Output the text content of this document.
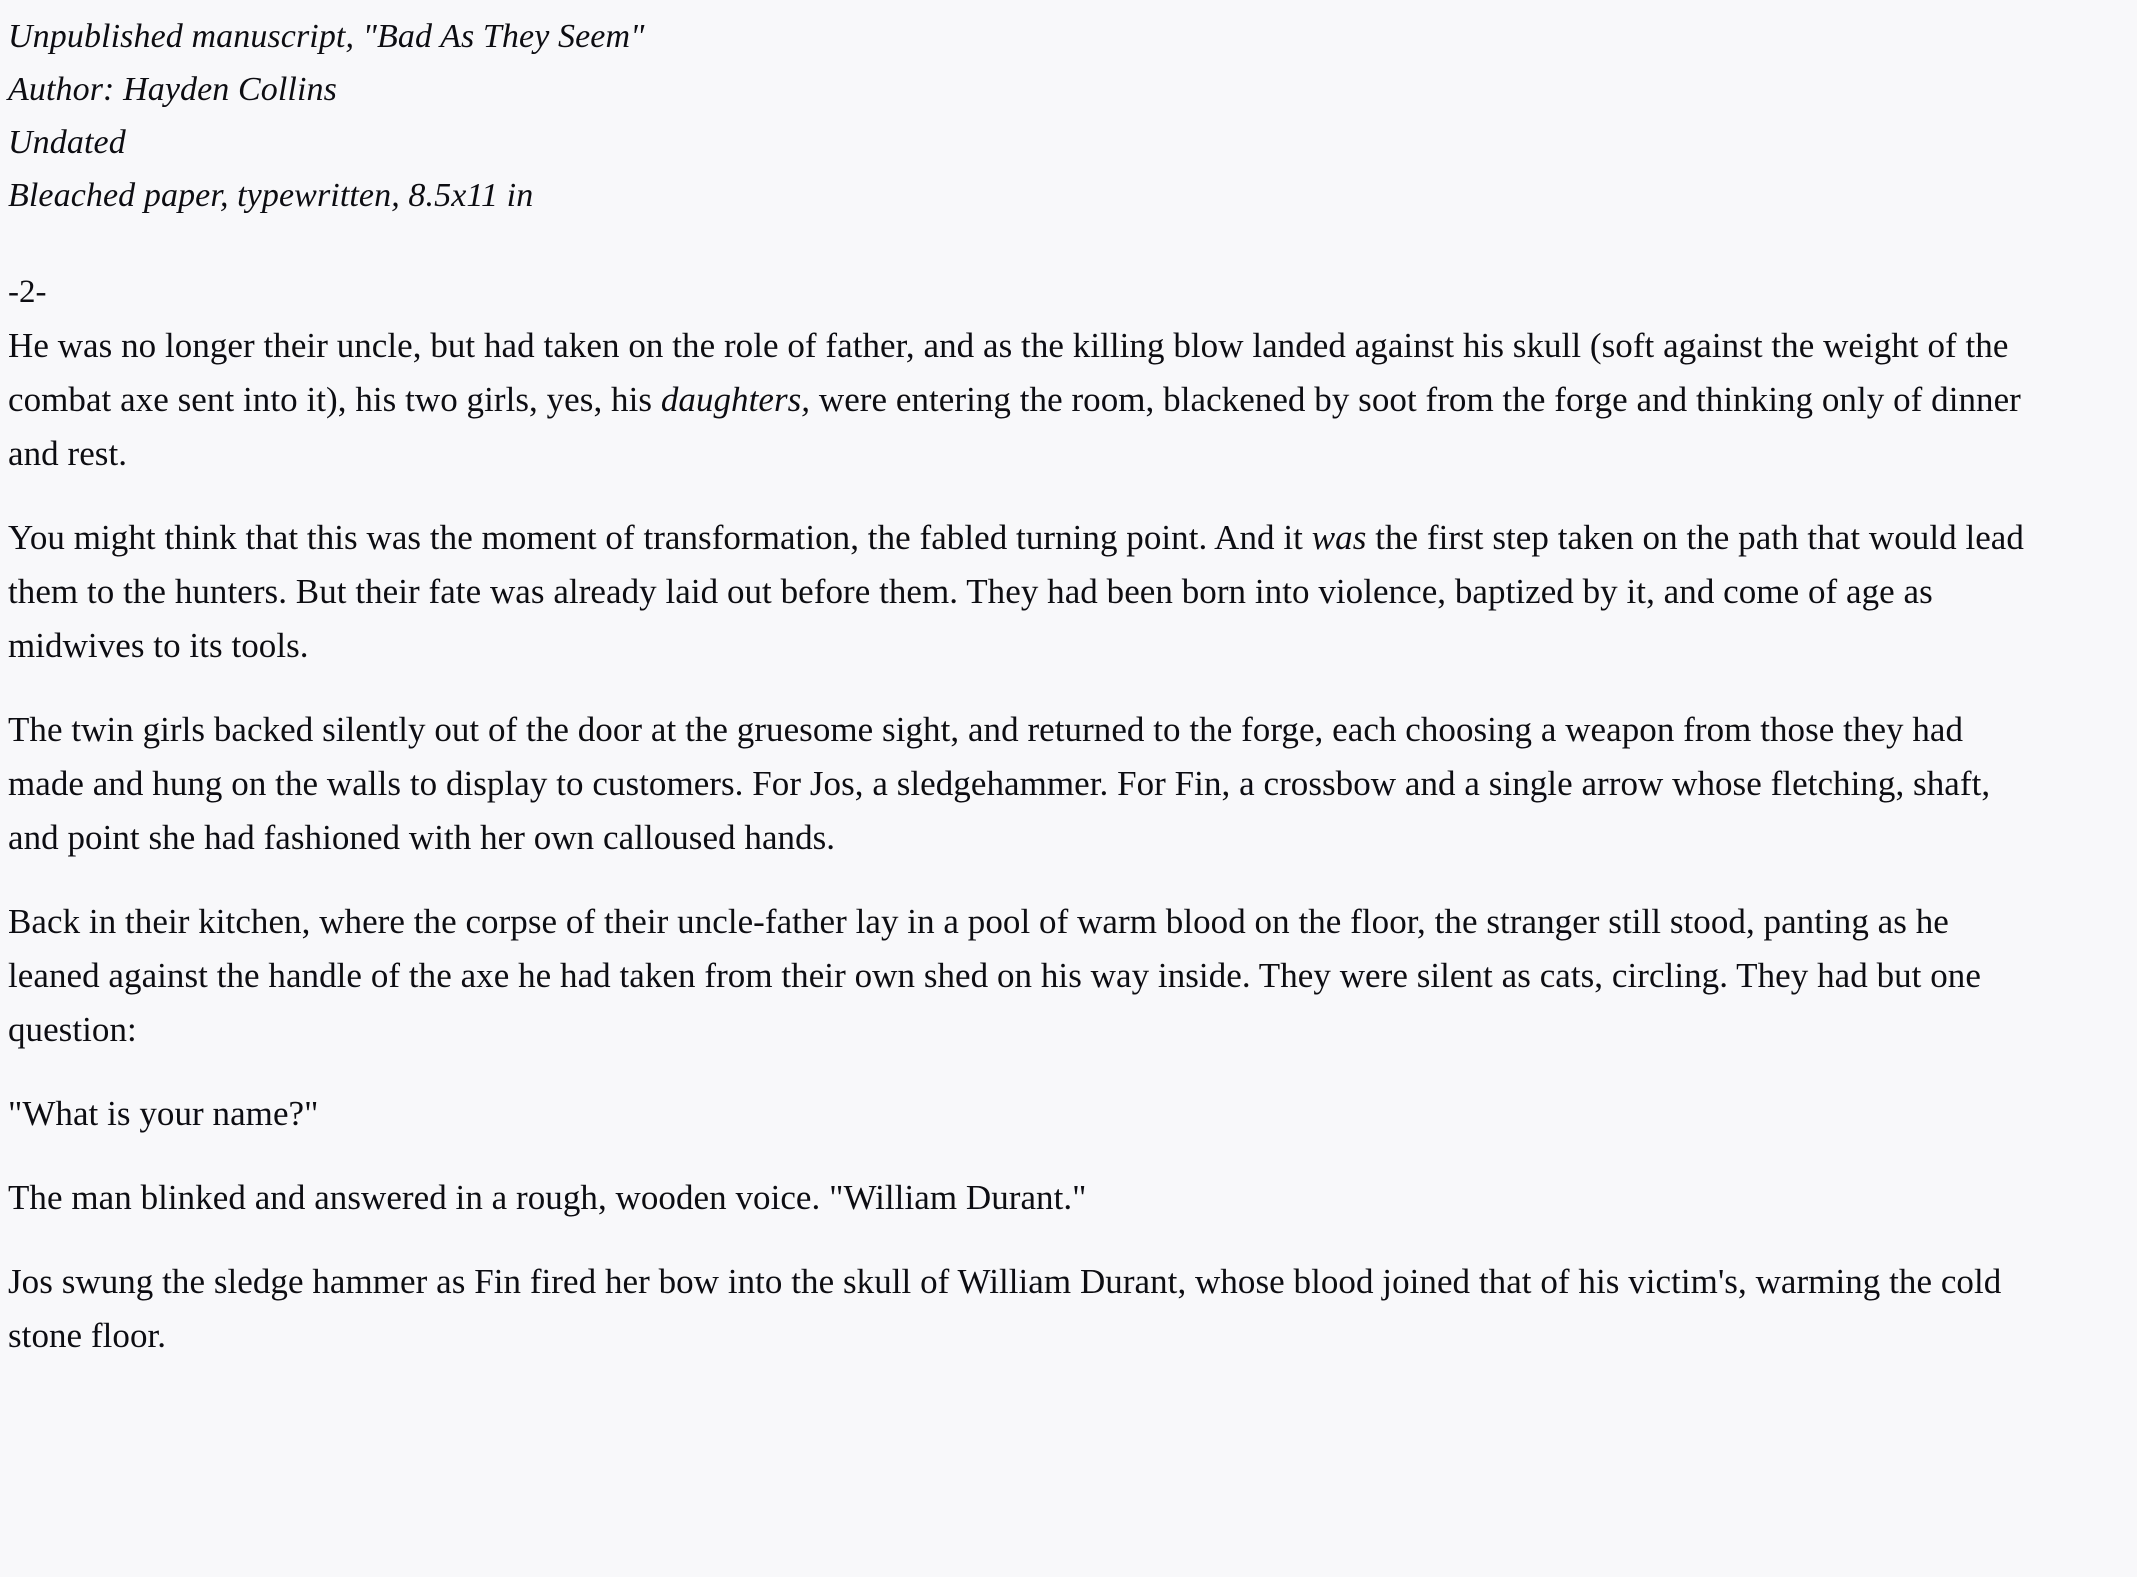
Unpublished manuscript, "Bad As They Seem"
Author: Hayden Collins
Undated
Bleached paper, typewritten, 8.5x11 in
-2-

He was no longer their uncle, but had taken on the role of father, and as the killing blow landed against his skull (soft against the weight of the combat axe sent into it), his two girls, yes, his daughters, were entering the room, blackened by soot from the forge and thinking only of dinner and rest.

You might think that this was the moment of transformation, the fabled turning point. And it was the first step taken on the path that would lead them to the hunters. But their fate was already laid out before them. They had been born into violence, baptized by it, and come of age as midwives to its tools.

The twin girls backed silently out of the door at the gruesome sight, and returned to the forge, each choosing a weapon from those they had made and hung on the walls to display to customers. For Jos, a sledgehammer. For Fin, a crossbow and a single arrow whose fletching, shaft, and point she had fashioned with her own calloused hands.

Back in their kitchen, where the corpse of their uncle-father lay in a pool of warm blood on the floor, the stranger still stood, panting as he leaned against the handle of the axe he had taken from their own shed on his way inside. They were silent as cats, circling. They had but one question:

"What is your name?"

The man blinked and answered in a rough, wooden voice. "William Durant."

Jos swung the sledge hammer as Fin fired her bow into the skull of William Durant, whose blood joined that of his victim's, warming the cold stone floor.
